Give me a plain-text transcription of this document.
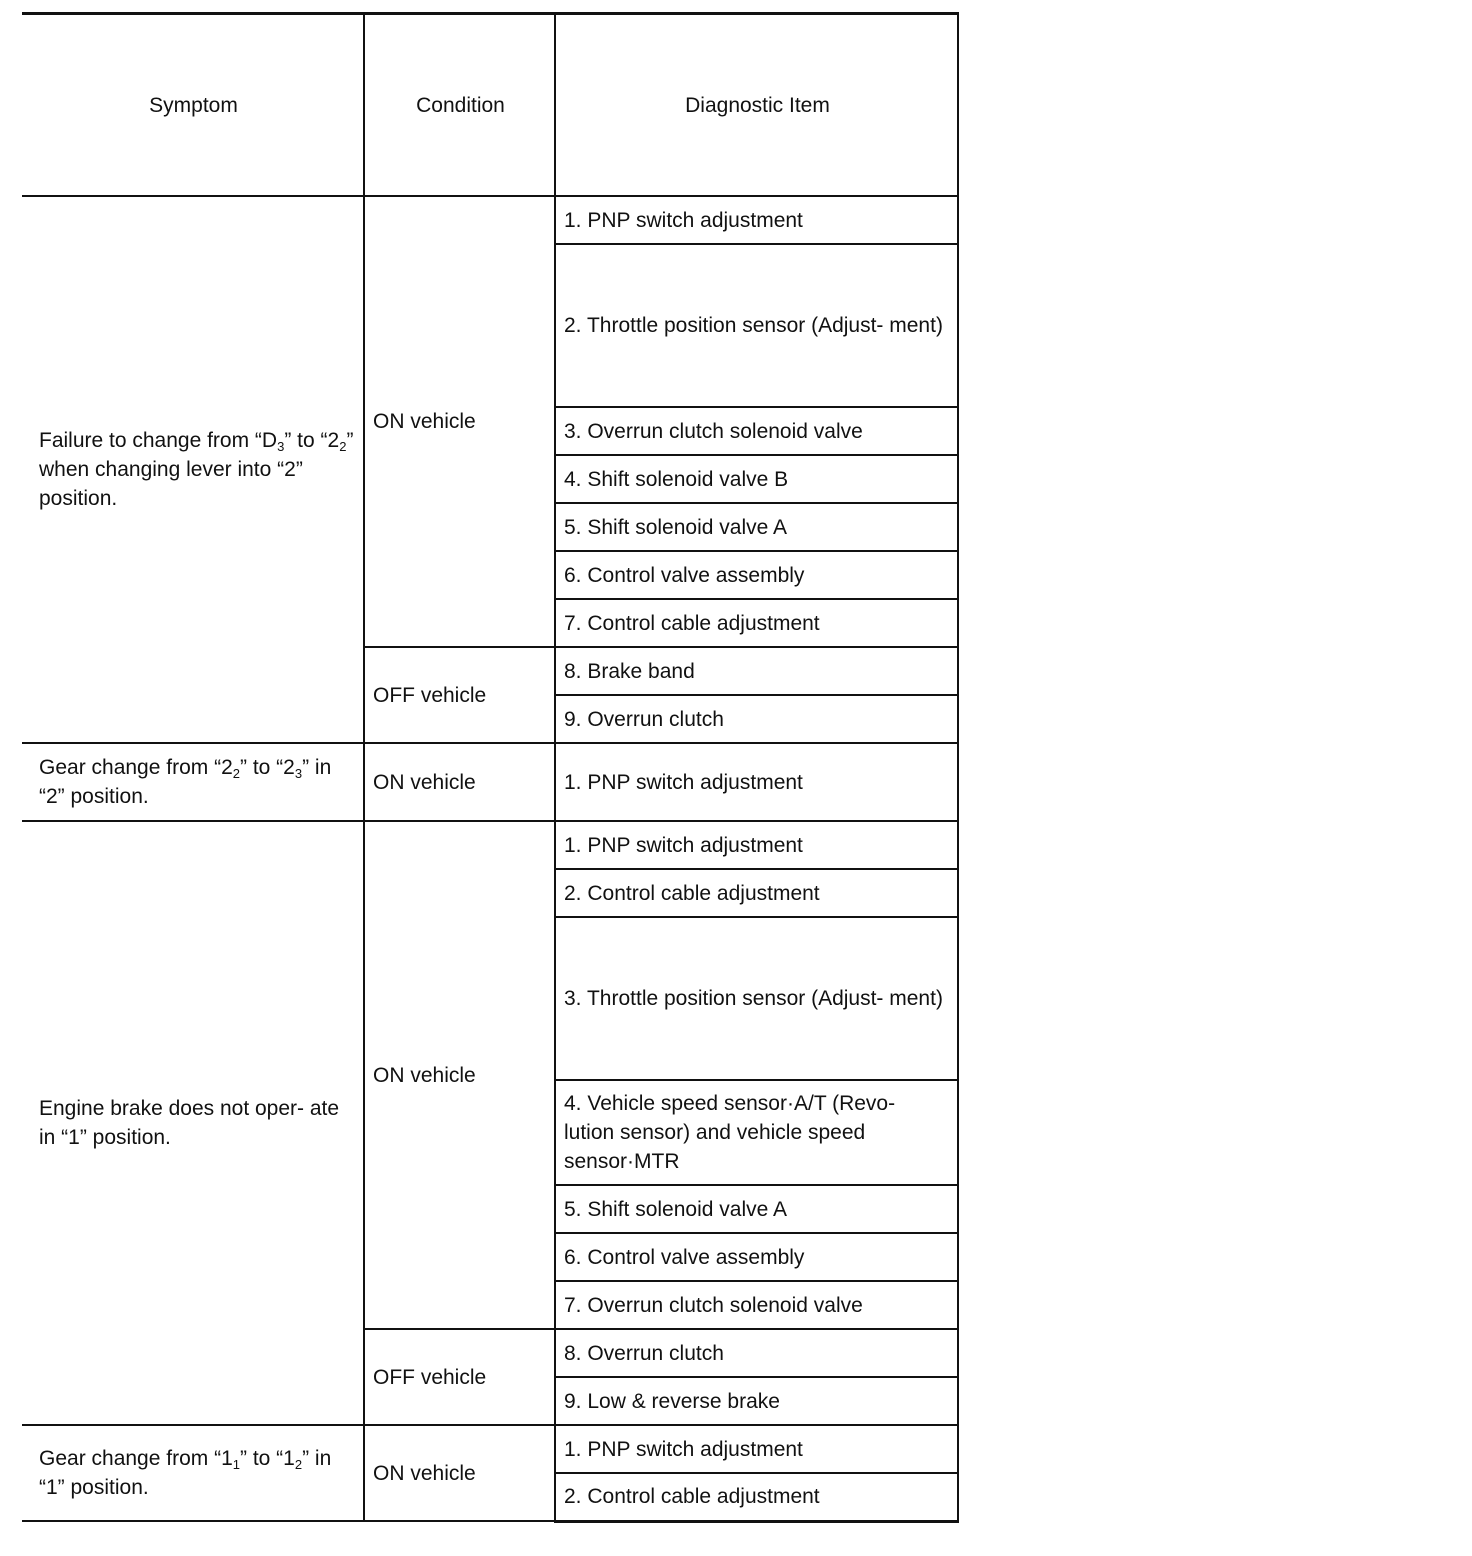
Symptom	Condition	Diagnostic Item
Failure to change from “$D_3$” to “$2_2$” when changing lever into “2” position.	ON vehicle	1. PNP switch adjustment
		2. Throttle position sensor (Adjust- ment)
		3. Overrun clutch solenoid valve
		4. Shift solenoid valve B
		5. Shift solenoid valve A
		6. Control valve assembly
		7. Control cable adjustment
	OFF vehicle	8. Brake band
		9. Overrun clutch
Gear change from “$2_2$” to “$2_3$” in “2” position.	ON vehicle	1. PNP switch adjustment
Engine brake does not oper- ate in “1” position.	ON vehicle	1. PNP switch adjustment
		2. Control cable adjustment
		3. Throttle position sensor (Adjust- ment)
		4. Vehicle speed sensor·A/T (Revo- lution sensor) and vehicle speed sensor·MTR
		5. Shift solenoid valve A
		6. Control valve assembly
		7. Overrun clutch solenoid valve
	OFF vehicle	8. Overrun clutch
		9. Low & reverse brake
Gear change from “$1_1$” to “$1_2$” in “1” position.	ON vehicle	1. PNP switch adjustment
		2. Control cable adjustment
